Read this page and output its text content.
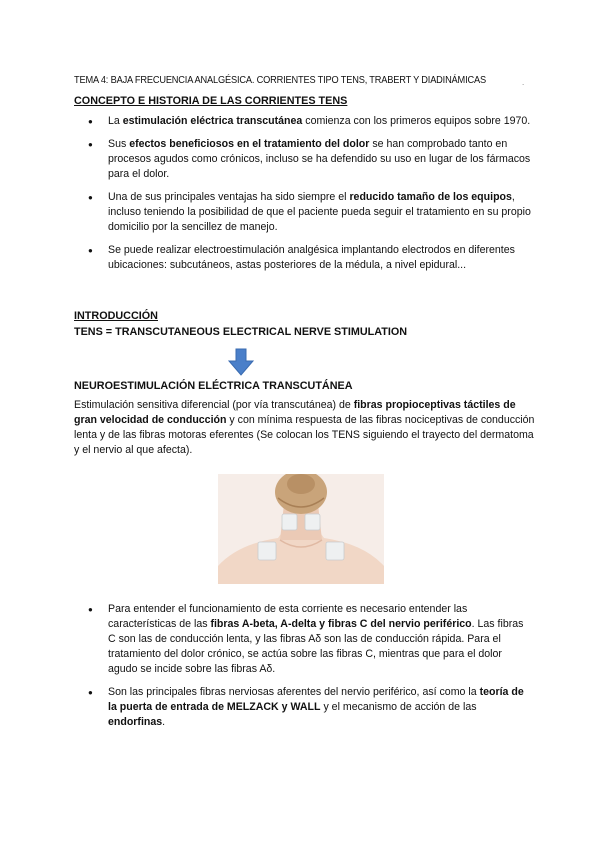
TEMA 4: BAJA FRECUENCIA ANALGÉSICA. CORRIENTES TIPO TENS, TRABERT Y DIADINÁMICAS	.
CONCEPTO E HISTORIA DE LAS CORRIENTES TENS
● La estimulación eléctrica transcutánea comienza con los primeros equipos sobre 1970.
● Sus efectos beneficiosos en el tratamiento del dolor se han comprobado tanto en procesos agudos como crónicos, incluso se ha defendido su uso en lugar de los fármacos para el dolor.
● Una de sus principales ventajas ha sido siempre el reducido tamaño de los equipos, incluso teniendo la posibilidad de que el paciente pueda seguir el tratamiento en su propio domicilio por la sencillez de manejo.
● Se puede realizar electroestimulación analgésica implantando electrodos en diferentes ubicaciones: subcutáneos, astas posteriores de la médula, a nivel epidural...
INTRODUCCIÓN
TENS = TRANSCUTANEOUS ELECTRICAL NERVE STIMULATION
NEUROESTIMULACIÓN ELÉCTRICA TRANSCUTÁNEA
Estimulación sensitiva diferencial (por vía transcutánea) de fibras propioceptivas táctiles de gran velocidad de conducción y con mínima respuesta de las fibras nociceptivas de conducción lenta y de las fibras motoras eferentes (Se colocan los TENS siguiendo el trayecto del dermatoma y el nervio al que afecta).
● Para entender el funcionamiento de esta corriente es necesario entender las características de las fibras A-beta, A-delta y fibras C del nervio periférico. Las fibras C son las de conducción lenta, y las fibras Aδ son las de conducción rápida. Para el tratamiento del dolor crónico, se actúa sobre las fibras C, mientras que para el dolor agudo se incide sobre las fibras Aδ.
● Son las principales fibras nerviosas aferentes del nervio periférico, así como la teoría de la puerta de entrada de MELZACK y WALL y el mecanismo de acción de las endorfinas.
